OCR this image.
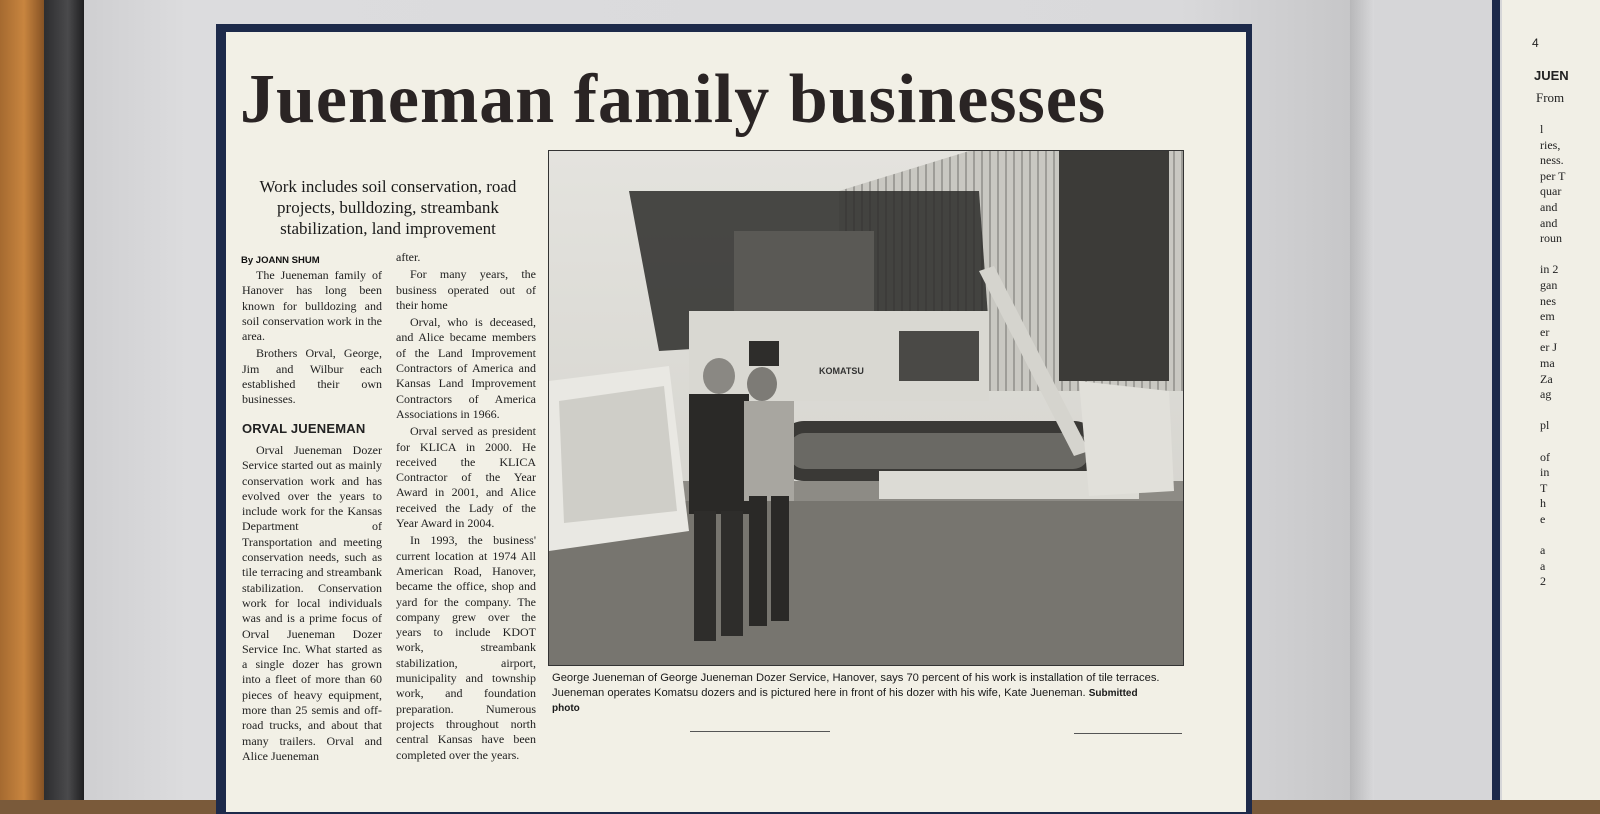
Jueneman family businesses

Work includes soil conservation, road projects, bulldozing, streambank stabilization, land improvement

By JOANN SHUM

The Jueneman family of Hanover has long been known for bulldozing and soil conservation work in the area.

Brothers Orval, George, Jim and Wilbur each established their own businesses.

ORVAL JUENEMAN

Orval Jueneman Dozer Service started out as mainly conservation work and has evolved over the years to include work for the Kansas Department of Transportation and meeting conservation needs, such as tile terracing and streambank stabilization. Conservation work for local individuals was and is a prime focus of Orval Jueneman Dozer Service Inc. What started as a single dozer has grown into a fleet of more than 60 pieces of heavy equipment, more than 25 semis and off-road trucks, and about that many trailers. Orval and Alice Jueneman

after.

For many years, the business operated out of their home

Orval, who is deceased, and Alice became members of the Land Improvement Contractors of America and Kansas Land Improvement Contractors of America Associations in 1966.

Orval served as president for KLICA in 2000. He received the KLICA Contractor of the Year Award in 2001, and Alice received the Lady of the Year Award in 2004.

In 1993, the business' current location at 1974 All American Road, Hanover, became the office, shop and yard for the company. The company grew over the years to include KDOT work, streambank stabilization, airport, municipality and township work, and foundation preparation. Numerous projects throughout north central Kansas have been completed over the years.

KOMATSU
George Jueneman of George Jueneman Dozer Service, Hanover, says 70 percent of his work is installation of tile terraces. Jueneman operates Komatsu dozers and is pictured here in front of his dozer with his wife, Kate Jueneman. Submitted photo
4
JUEN
From
l
ries,
ness.
per T
quar
and
and
roun
in 2
gan
nes
em
er
er J
ma
Za
ag
pl
of
in
T
h
e
a
a
2
